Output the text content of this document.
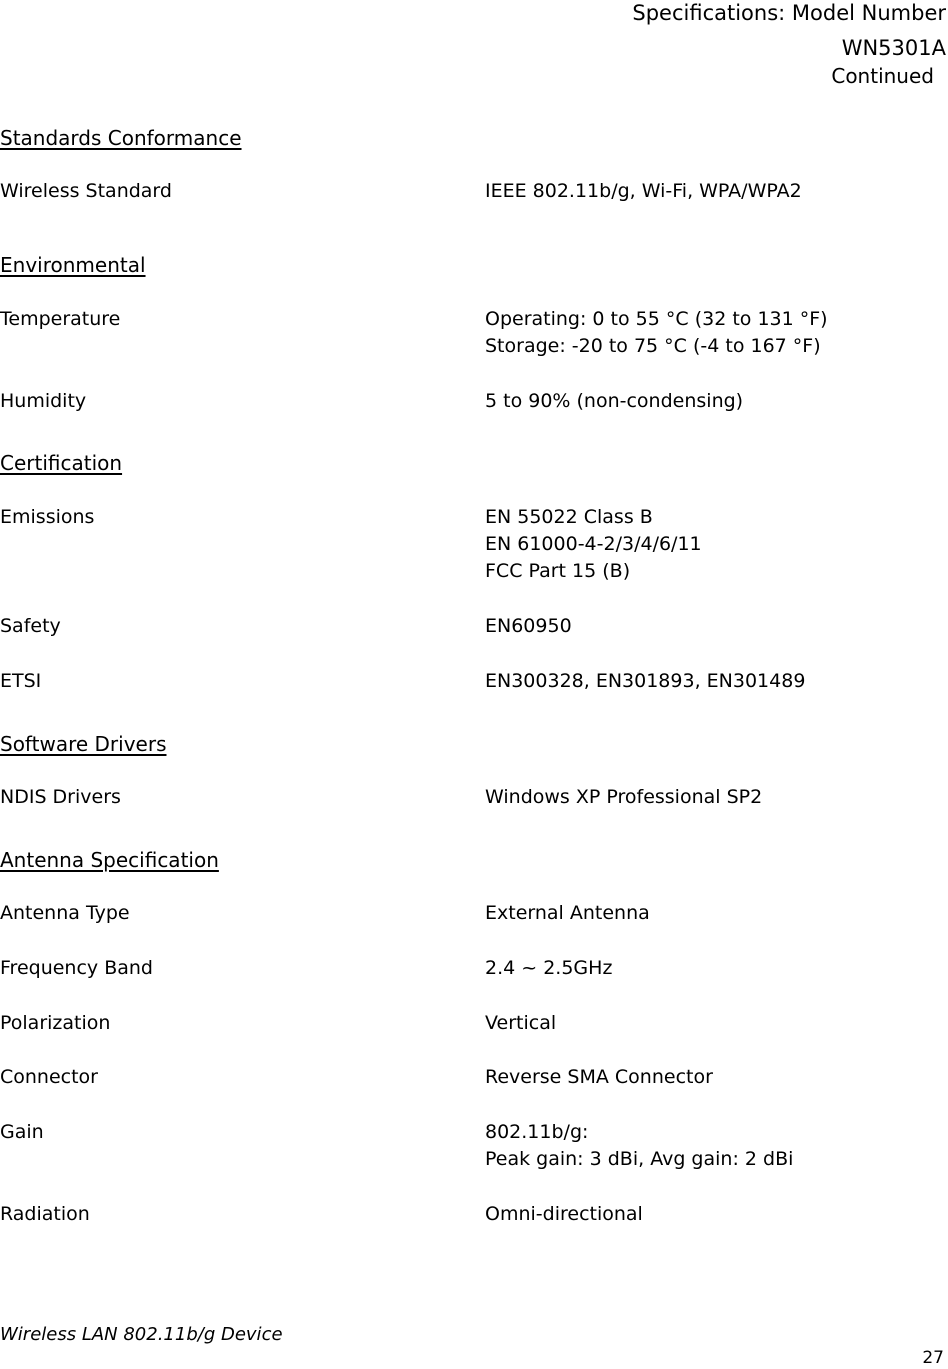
Specifications: Model Number
WN5301A
Continued
Standards Conformance
Wireless Standard	IEEE 802.11b/g, Wi-Fi, WPA/WPA2
Environmental
Temperature	Operating: 0 to 55 °C (32 to 131 °F)
Storage: -20 to 75 °C (-4 to 167 °F)
Humidity	5 to 90% (non-condensing)
Certification
Emissions	EN 55022 Class B
EN 61000-4-2/3/4/6/11
FCC Part 15 (B)
Safety	EN60950
ETSI	EN300328, EN301893, EN301489
Software Drivers
NDIS Drivers	Windows XP Professional SP2
Antenna Specification
Antenna Type	External Antenna
Frequency Band	2.4 ~ 2.5GHz
Polarization	Vertical
Connector	Reverse SMA Connector
Gain	802.11b/g:
Peak gain: 3 dBi, Avg gain: 2 dBi
Radiation	Omni-directional
Wireless LAN 802.11b/g Device
27
